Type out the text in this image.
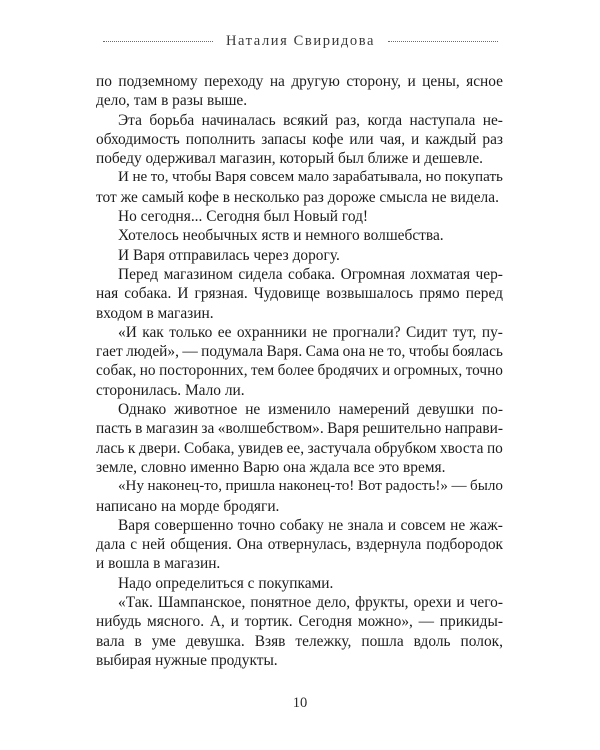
Наталия Свиридова
по подземному переходу на другую сторону, и цены, ясное
дело, там в разы выше.
Эта борьба начиналась всякий раз, когда наступала не-
обходимость пополнить запасы кофе или чая, и каждый раз
победу одерживал магазин, который был ближе и дешевле.
И не то, чтобы Варя совсем мало зарабатывала, но покупать
тот же самый кофе в несколько раз дороже смысла не видела.
Но сегодня... Сегодня был Новый год!
Хотелось необычных яств и немного волшебства.
И Варя отправилась через дорогу.
Перед магазином сидела собака. Огромная лохматая чер-
ная собака. И грязная. Чудовище возвышалось прямо перед
входом в магазин.
«И как только ее охранники не прогнали? Сидит тут, пу-
гает людей», — подумала Варя. Сама она не то, чтобы боялась
собак, но посторонних, тем более бродячих и огромных, точно
сторонилась. Мало ли.
Однако животное не изменило намерений девушки по-
пасть в магазин за «волшебством». Варя решительно направи-
лась к двери. Собака, увидев ее, застучала обрубком хвоста по
земле, словно именно Варю она ждала все это время.
«Ну наконец-то, пришла наконец-то! Вот радость!» — было
написано на морде бродяги.
Варя совершенно точно собаку не знала и совсем не жаж-
дала с ней общения. Она отвернулась, вздернула подбородок
и вошла в магазин.
Надо определиться с покупками.
«Так. Шампанское, понятное дело, фрукты, орехи и чего-
нибудь мясного. А, и тортик. Сегодня можно», — прикиды-
вала в уме девушка. Взяв тележку, пошла вдоль полок,
выбирая нужные продукты.
10
